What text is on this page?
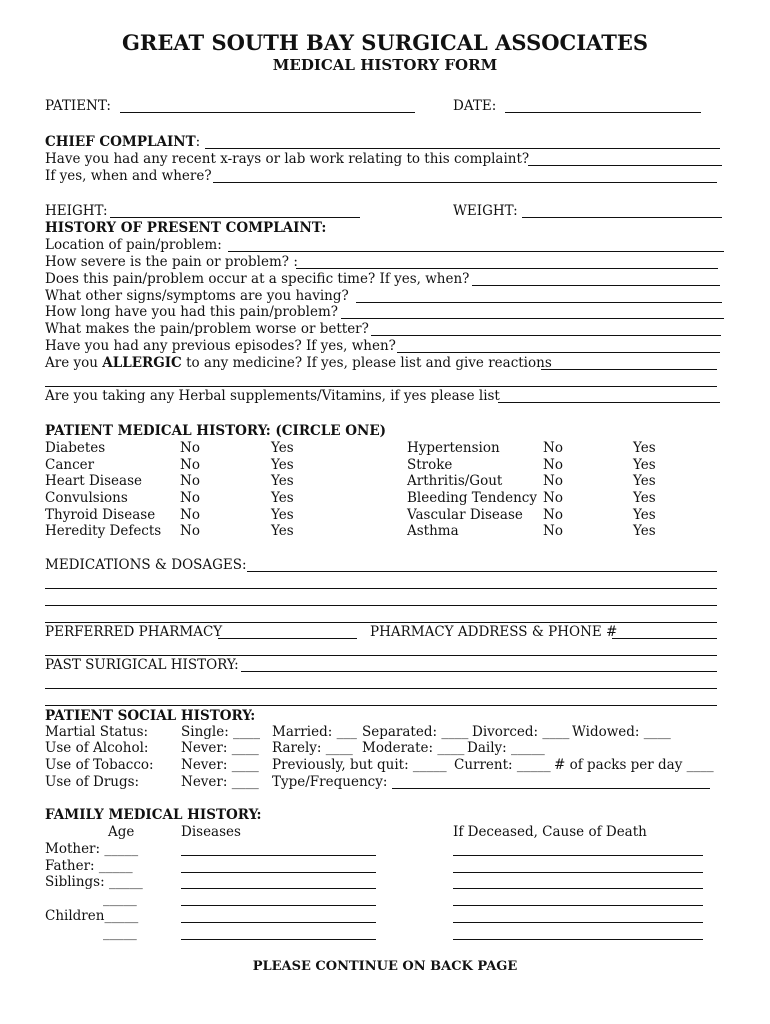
GREAT SOUTH BAY SURGICAL ASSOCIATES
MEDICAL HISTORY FORM
PATIENT:	DATE:
CHIEF COMPLAINT:
Have you had any recent x-rays or lab work relating to this complaint?
If yes, when and where?
HEIGHT:	WEIGHT:
HISTORY OF PRESENT COMPLAINT:
Location of pain/problem:
How severe is the pain or problem? :
Does this pain/problem occur at a specific time? If yes, when?
What other signs/symptoms are you having?
How long have you had this pain/problem?
What makes the pain/problem worse or better?
Have you had any previous episodes? If yes, when?
Are you ALLERGIC to any medicine? If yes, please list and give reactions
Are you taking any Herbal supplements/Vitamins, if yes please list
PATIENT MEDICAL HISTORY: (CIRCLE ONE)
Diabetes	No	Yes
Cancer	No	Yes
Heart Disease	No	Yes
Convulsions	No	Yes
Thyroid Disease No	Yes
Heredity Defects No	Yes
Hypertension	No	Yes
Stroke	No	Yes
Arthritis/Gout	No	Yes
Bleeding Tendency No	Yes
Vascular Disease No	Yes
Asthma	No	Yes
MEDICATIONS & DOSAGES:
PERFERRED PHARMACY	PHARMACY ADDRESS & PHONE #
PAST SURIGICAL HISTORY:
PATIENT SOCIAL HISTORY:
Martial Status: Single: ____ Married: ___ Separated: ____ Divorced: ____ Widowed: ____
Use of Alcohol: Never: ____ Rarely: ____ Moderate: ____ Daily: _____
Use of Tobacco: Never: ____ Previously, but quit: _____ Current: _____ # of packs per day ____
Use of Drugs:	Never: ____ Type/Frequency:
FAMILY MEDICAL HISTORY:
Age	Diseases	If Deceased, Cause of Death
Mother: _____
Father: _____
Siblings: _____
_____
Children_____
_____
PLEASE CONTINUE ON BACK PAGE
